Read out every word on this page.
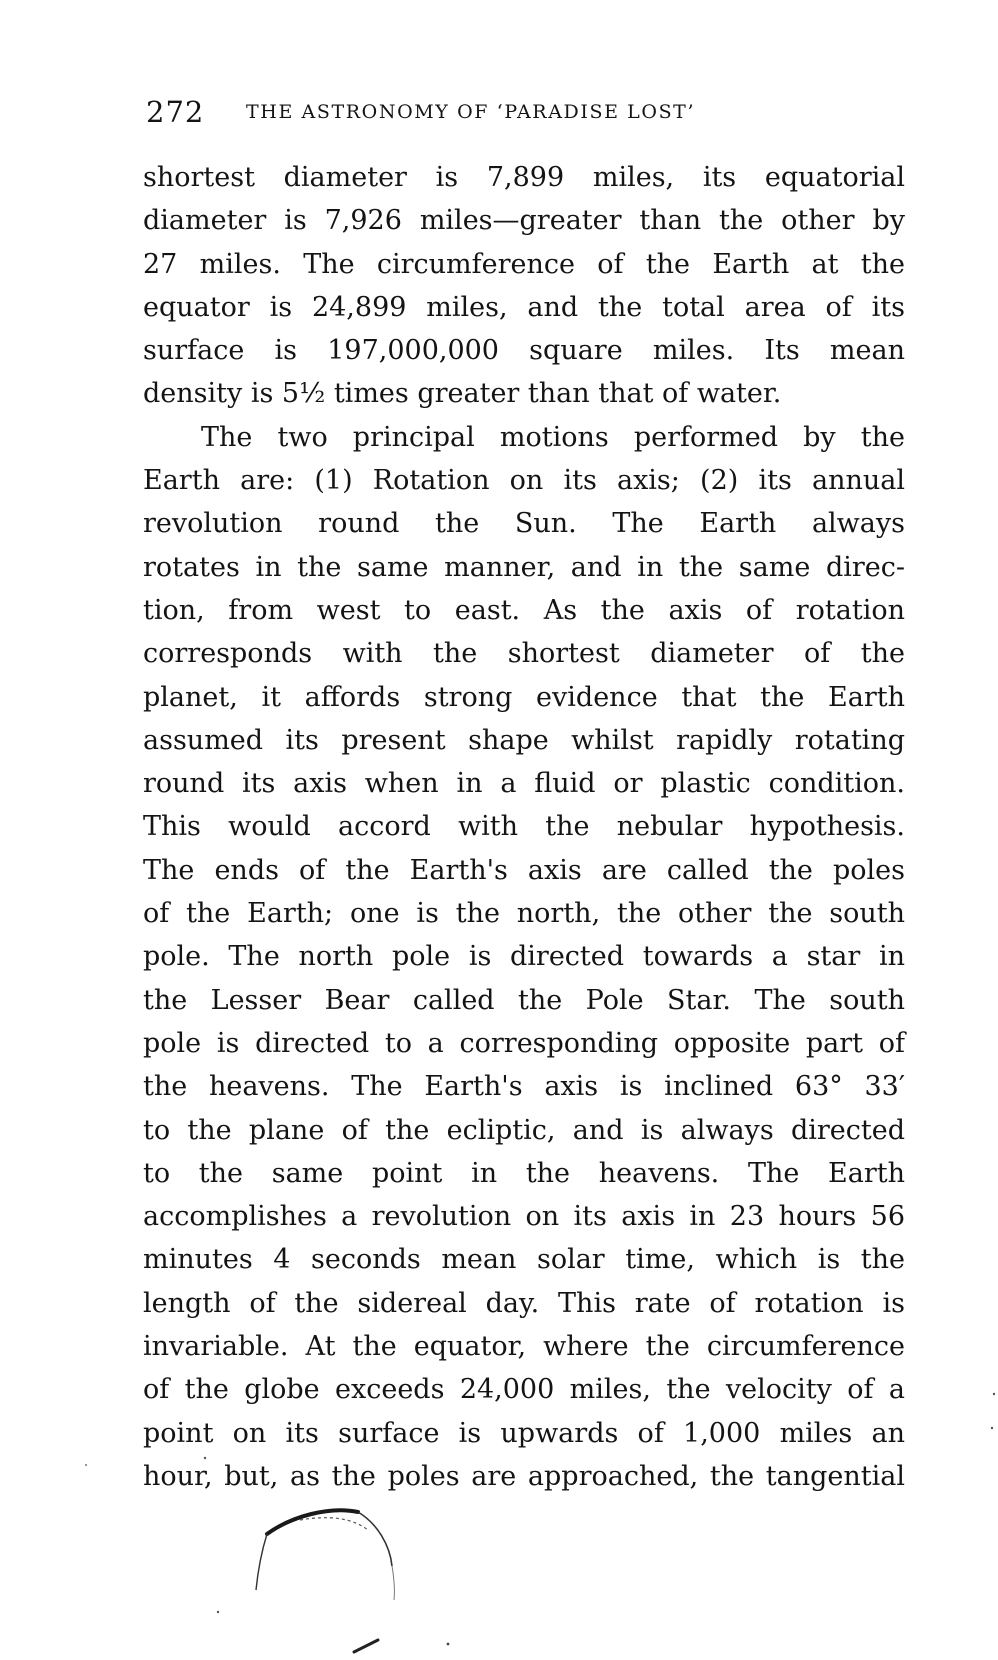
272 THE ASTRONOMY OF ‘PARADISE LOST’
shortest diameter is 7,899 miles, its equatorial
diameter is 7,926 miles—greater than the other by
27 miles. The circumference of the Earth at the
equator is 24,899 miles, and the total area of its
surface is 197,000,000 square miles. Its mean
density is 5½ times greater than that of water.
The two principal motions performed by the
Earth are: (1) Rotation on its axis; (2) its annual
revolution round the Sun. The Earth always
rotates in the same manner, and in the same direc-
tion, from west to east. As the axis of rotation
corresponds with the shortest diameter of the
planet, it affords strong evidence that the Earth
assumed its present shape whilst rapidly rotating
round its axis when in a fluid or plastic condition.
This would accord with the nebular hypothesis.
The ends of the Earth's axis are called the poles
of the Earth; one is the north, the other the south
pole. The north pole is directed towards a star in
the Lesser Bear called the Pole Star. The south
pole is directed to a corresponding opposite part of
the heavens. The Earth's axis is inclined 63° 33′
to the plane of the ecliptic, and is always directed
to the same point in the heavens. The Earth
accomplishes a revolution on its axis in 23 hours 56
minutes 4 seconds mean solar time, which is the
length of the sidereal day. This rate of rotation is
invariable. At the equator, where the circumference
of the globe exceeds 24,000 miles, the velocity of a
point on its surface is upwards of 1,000 miles an
hour, but, as the poles are approached, the tangential
